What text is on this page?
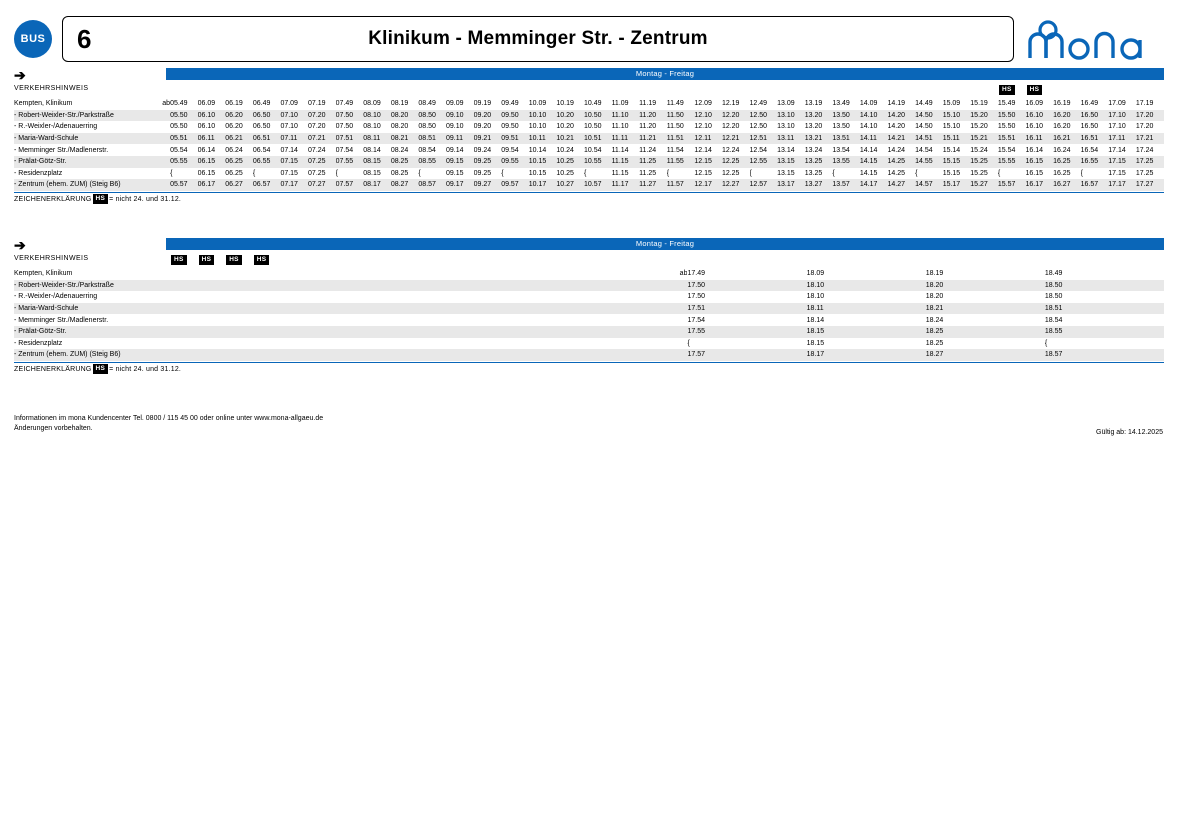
BUS	6	Klinikum - Memminger Str. - Zentrum
➔	Montag - Freitag
VERKEHRSHINWEIS	HS	HS
Kempten, Klinikum	ab	05.49	06.09	06.19	06.49	07.09	07.19	07.49	08.09	08.19	08.49	09.09	09.19	09.49	10.09	10.19	10.49	11.09	11.19	11.49	12.09	12.19	12.49	13.09	13.19	13.49	14.09	14.19	14.49	15.09	15.19	15.49	16.09	16.19	16.49	17.09	17.19
- Robert-Weixler-Str./Parkstraße		05.50	06.10	06.20	06.50	07.10	07.20	07.50	08.10	08.20	08.50	09.10	09.20	09.50	10.10	10.20	10.50	11.10	11.20	11.50	12.10	12.20	12.50	13.10	13.20	13.50	14.10	14.20	14.50	15.10	15.20	15.50	16.10	16.20	16.50	17.10	17.20
- R.-Weixler-/Adenauerring		05.50	06.10	06.20	06.50	07.10	07.20	07.50	08.10	08.20	08.50	09.10	09.20	09.50	10.10	10.20	10.50	11.10	11.20	11.50	12.10	12.20	12.50	13.10	13.20	13.50	14.10	14.20	14.50	15.10	15.20	15.50	16.10	16.20	16.50	17.10	17.20
- Maria-Ward-Schule		05.51	06.11	06.21	06.51	07.11	07.21	07.51	08.11	08.21	08.51	09.11	09.21	09.51	10.11	10.21	10.51	11.11	11.21	11.51	12.11	12.21	12.51	13.11	13.21	13.51	14.11	14.21	14.51	15.11	15.21	15.51	16.11	16.21	16.51	17.11	17.21
- Memminger Str./Madlenerstr.		05.54	06.14	06.24	06.54	07.14	07.24	07.54	08.14	08.24	08.54	09.14	09.24	09.54	10.14	10.24	10.54	11.14	11.24	11.54	12.14	12.24	12.54	13.14	13.24	13.54	14.14	14.24	14.54	15.14	15.24	15.54	16.14	16.24	16.54	17.14	17.24
- Prälat-Götz-Str.		05.55	06.15	06.25	06.55	07.15	07.25	07.55	08.15	08.25	08.55	09.15	09.25	09.55	10.15	10.25	10.55	11.15	11.25	11.55	12.15	12.25	12.55	13.15	13.25	13.55	14.15	14.25	14.55	15.15	15.25	15.55	16.15	16.25	16.55	17.15	17.25
- Residenzplatz		{	06.15	06.25	{	07.15	07.25	{	08.15	08.25	{	09.15	09.25	{	10.15	10.25	{	11.15	11.25	{	12.15	12.25	{	13.15	13.25	{	14.15	14.25	{	15.15	15.25	{	16.15	16.25	{	17.15	17.25
- Zentrum (ehem. ZUM) (Steig B6)		05.57	06.17	06.27	06.57	07.17	07.27	07.57	08.17	08.27	08.57	09.17	09.27	09.57	10.17	10.27	10.57	11.17	11.27	11.57	12.17	12.27	12.57	13.17	13.27	13.57	14.17	14.27	14.57	15.17	15.27	15.57	16.17	16.27	16.57	17.17	17.27
ZEICHENERKLÄRUNG HS = nicht 24. und 31.12.
➔	Montag - Freitag
VERKEHRSHINWEIS	HS	HS	HS	HS
Kempten, Klinikum	ab	17.49	18.09	18.19	18.49
- Robert-Weixler-Str./Parkstraße		17.50	18.10	18.20	18.50
- R.-Weixler-/Adenauerring		17.50	18.10	18.20	18.50
- Maria-Ward-Schule		17.51	18.11	18.21	18.51
- Memminger Str./Madlenerstr.		17.54	18.14	18.24	18.54
- Prälat-Götz-Str.		17.55	18.15	18.25	18.55
- Residenzplatz		{	18.15	18.25	{
- Zentrum (ehem. ZUM) (Steig B6)		17.57	18.17	18.27	18.57
ZEICHENERKLÄRUNG HS = nicht 24. und 31.12.
Informationen im mona Kundencenter Tel. 0800 / 115 45 00 oder online unter www.mona-allgaeu.de
Änderungen vorbehalten.
Gültig ab: 14.12.2025
